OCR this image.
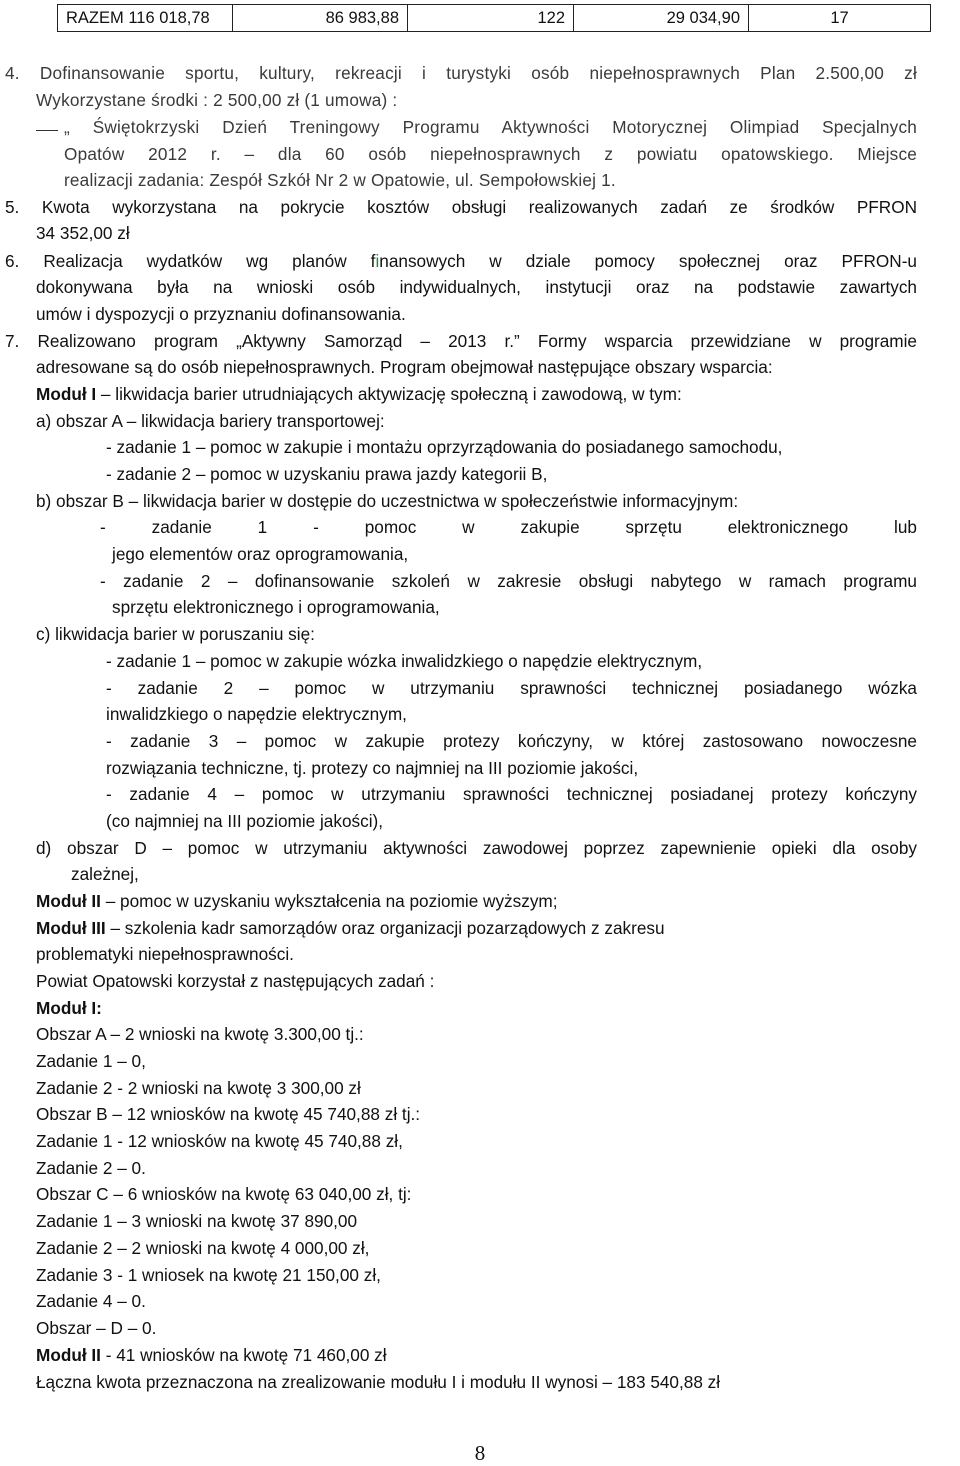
RAZEM 116 018,78	86 983,88	122	29 034,90	17
4. Dofinansowanie sportu, kultury, rekreacji i turystyki osób niepełnosprawnych Plan 2.500,00 zł
Wykorzystane środki : 2 500,00 zł (1 umowa) :
„ Świętokrzyski Dzień Treningowy Programu Aktywności Motorycznej Olimpiad Specjalnych
Opatów 2012 r. – dla 60 osób niepełnosprawnych z powiatu opatowskiego. Miejsce
realizacji zadania: Zespół Szkół Nr 2 w Opatowie, ul. Sempołowskiej 1.
5. Kwota wykorzystana na pokrycie kosztów obsługi realizowanych zadań ze środków PFRON
34 352,00 zł
6. Realizacja wydatków wg planów finansowych w dziale pomocy społecznej oraz PFRON-u
dokonywana była na wnioski osób indywidualnych, instytucji oraz na podstawie zawartych
umów i dyspozycji o przyznaniu dofinansowania.
7. Realizowano program „Aktywny Samorząd – 2013 r.” Formy wsparcia przewidziane w programie
adresowane są do osób niepełnosprawnych. Program obejmował następujące obszary wsparcia:
Moduł I – likwidacja barier utrudniających aktywizację społeczną i zawodową, w tym:
a) obszar A – likwidacja bariery transportowej:
- zadanie 1 – pomoc w zakupie i montażu oprzyrządowania do posiadanego samochodu,
- zadanie 2 – pomoc w uzyskaniu prawa jazdy kategorii B,
b) obszar B – likwidacja barier w dostępie do uczestnictwa w społeczeństwie informacyjnym:
- zadanie 1 - pomoc w zakupie sprzętu elektronicznego lub
jego elementów oraz oprogramowania,
- zadanie 2 – dofinansowanie szkoleń w zakresie obsługi nabytego w ramach programu
sprzętu elektronicznego i oprogramowania,
c) likwidacja barier w poruszaniu się:
- zadanie 1 – pomoc w zakupie wózka inwalidzkiego o napędzie elektrycznym,
- zadanie 2 – pomoc w utrzymaniu sprawności technicznej posiadanego wózka
inwalidzkiego o napędzie elektrycznym,
- zadanie 3 – pomoc w zakupie protezy kończyny, w której zastosowano nowoczesne
rozwiązania techniczne, tj. protezy co najmniej na III poziomie jakości,
- zadanie 4 – pomoc w utrzymaniu sprawności technicznej posiadanej protezy kończyny
(co najmniej na III poziomie jakości),
d) obszar D – pomoc w utrzymaniu aktywności zawodowej poprzez zapewnienie opieki dla osoby
zależnej,
Moduł II – pomoc w uzyskaniu wykształcenia na poziomie wyższym;
Moduł III – szkolenia kadr samorządów oraz organizacji pozarządowych z zakresu
problematyki niepełnosprawności.
Powiat Opatowski korzystał z następujących zadań :
Moduł I:
Obszar A – 2 wnioski na kwotę 3.300,00 tj.:
Zadanie 1 – 0,
Zadanie 2 - 2 wnioski na kwotę 3 300,00 zł
Obszar B – 12 wniosków na kwotę 45 740,88 zł tj.:
Zadanie 1 - 12 wniosków na kwotę 45 740,88 zł,
Zadanie 2 – 0.
Obszar C – 6 wniosków na kwotę 63 040,00 zł, tj:
Zadanie 1 – 3 wnioski na kwotę 37 890,00
Zadanie 2 – 2 wnioski na kwotę 4 000,00 zł,
Zadanie 3 - 1 wniosek na kwotę 21 150,00 zł,
Zadanie 4 – 0.
Obszar – D – 0.
Moduł II - 41 wniosków na kwotę 71 460,00 zł
Łączna kwota przeznaczona na zrealizowanie modułu I i modułu II wynosi – 183 540,88 zł
8
